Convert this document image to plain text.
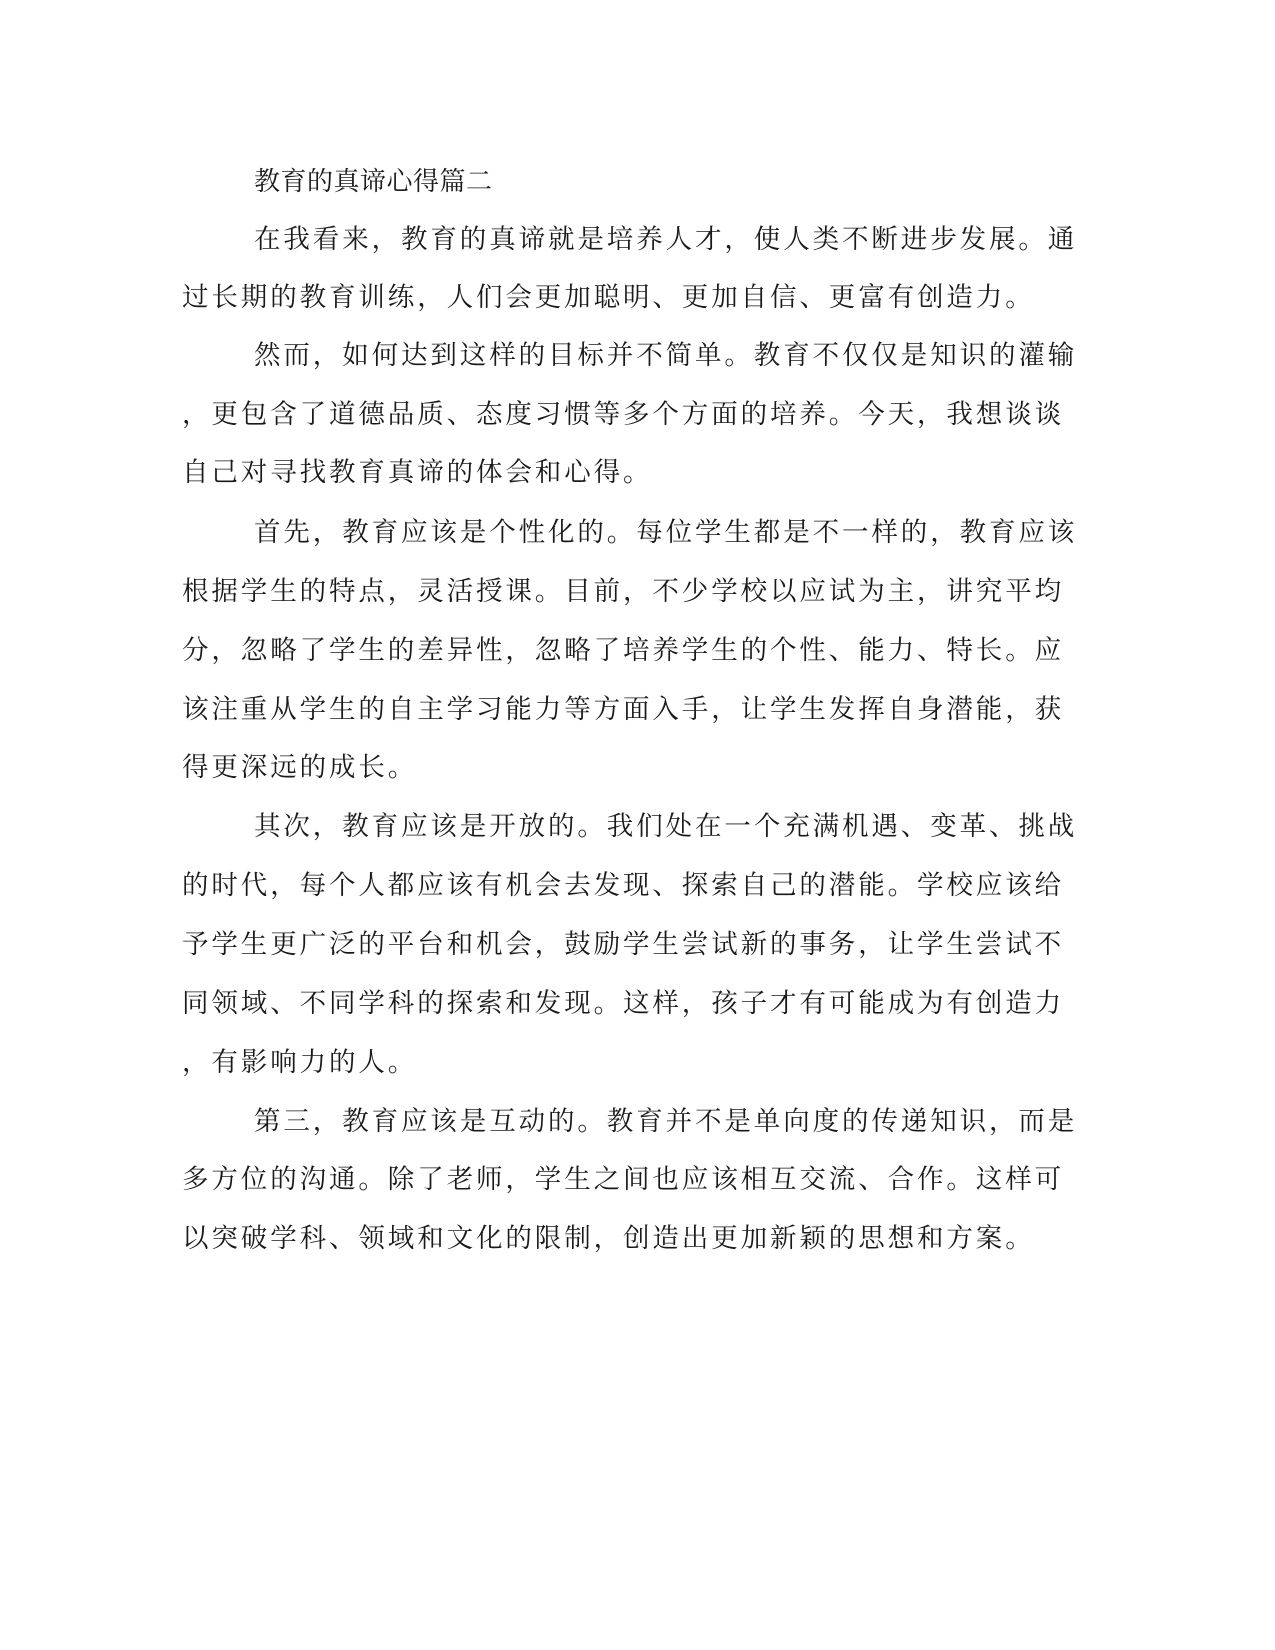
教育的真谛心得篇二
在我看来，教育的真谛就是培养人才，使人类不断进步发展。通
过长期的教育训练，人们会更加聪明、更加自信、更富有创造力。
然而，如何达到这样的目标并不简单。教育不仅仅是知识的灌输
，更包含了道德品质、态度习惯等多个方面的培养。今天，我想谈谈
自己对寻找教育真谛的体会和心得。
首先，教育应该是个性化的。每位学生都是不一样的，教育应该
根据学生的特点，灵活授课。目前，不少学校以应试为主，讲究平均
分，忽略了学生的差异性，忽略了培养学生的个性、能力、特长。应
该注重从学生的自主学习能力等方面入手，让学生发挥自身潜能，获
得更深远的成长。
其次，教育应该是开放的。我们处在一个充满机遇、变革、挑战
的时代，每个人都应该有机会去发现、探索自己的潜能。学校应该给
予学生更广泛的平台和机会，鼓励学生尝试新的事务，让学生尝试不
同领域、不同学科的探索和发现。这样，孩子才有可能成为有创造力
，有影响力的人。
第三，教育应该是互动的。教育并不是单向度的传递知识，而是
多方位的沟通。除了老师，学生之间也应该相互交流、合作。这样可
以突破学科、领域和文化的限制，创造出更加新颖的思想和方案。
